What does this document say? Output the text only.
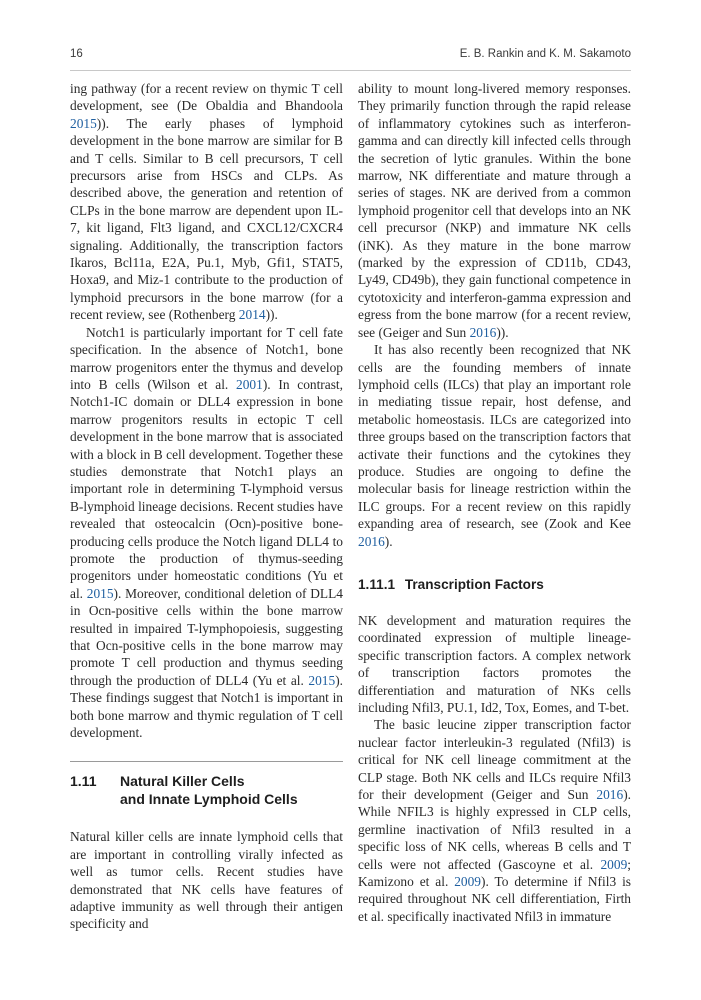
16	E. B. Rankin and K. M. Sakamoto

ing pathway (for a recent review on thymic T cell development, see (De Obaldia and Bhandoola 2015)). The early phases of lymphoid development in the bone marrow are similar for B and T cells. Similar to B cell precursors, T cell precursors arise from HSCs and CLPs. As described above, the generation and retention of CLPs in the bone marrow are dependent upon IL-7, kit ligand, Flt3 ligand, and CXCL12/CXCR4 signaling. Additionally, the transcription factors Ikaros, Bcl11a, E2A, Pu.1, Myb, Gfi1, STAT5, Hoxa9, and Miz-1 contribute to the production of lymphoid precursors in the bone marrow (for a recent review, see (Rothenberg 2014)).

Notch1 is particularly important for T cell fate specification. In the absence of Notch1, bone marrow progenitors enter the thymus and develop into B cells (Wilson et al. 2001). In contrast, Notch1-IC domain or DLL4 expression in bone marrow progenitors results in ectopic T cell development in the bone marrow that is associated with a block in B cell development. Together these studies demonstrate that Notch1 plays an important role in determining T-lymphoid versus B-lymphoid lineage decisions. Recent studies have revealed that osteocalcin (Ocn)-positive bone-producing cells produce the Notch ligand DLL4 to promote the production of thymus-seeding progenitors under homeostatic conditions (Yu et al. 2015). Moreover, conditional deletion of DLL4 in Ocn-positive cells within the bone marrow resulted in impaired T-lymphopoiesis, suggesting that Ocn-positive cells in the bone marrow may promote T cell production and thymus seeding through the production of DLL4 (Yu et al. 2015). These findings suggest that Notch1 is important in both bone marrow and thymic regulation of T cell development.

1.11	Natural Killer Cells
and Innate Lymphoid Cells

Natural killer cells are innate lymphoid cells that are important in controlling virally infected as well as tumor cells. Recent studies have demonstrated that NK cells have features of adaptive immunity as well through their antigen specificity and

ability to mount long-livered memory responses. They primarily function through the rapid release of inflammatory cytokines such as interferon-gamma and can directly kill infected cells through the secretion of lytic granules. Within the bone marrow, NK differentiate and mature through a series of stages. NK are derived from a common lymphoid progenitor cell that develops into an NK cell precursor (NKP) and immature NK cells (iNK). As they mature in the bone marrow (marked by the expression of CD11b, CD43, Ly49, CD49b), they gain functional competence in cytotoxicity and interferon-gamma expression and egress from the bone marrow (for a recent review, see (Geiger and Sun 2016)).

It has also recently been recognized that NK cells are the founding members of innate lymphoid cells (ILCs) that play an important role in mediating tissue repair, host defense, and metabolic homeostasis. ILCs are categorized into three groups based on the transcription factors that activate their functions and the cytokines they produce. Studies are ongoing to define the molecular basis for lineage restriction within the ILC groups. For a recent review on this rapidly expanding area of research, see (Zook and Kee 2016).

1.11.1 Transcription Factors

NK development and maturation requires the coordinated expression of multiple lineage-specific transcription factors. A complex network of transcription factors promotes the differentiation and maturation of NKs cells including Nfil3, PU.1, Id2, Tox, Eomes, and T-bet.

The basic leucine zipper transcription factor nuclear factor interleukin-3 regulated (Nfil3) is critical for NK cell lineage commitment at the CLP stage. Both NK cells and ILCs require Nfil3 for their development (Geiger and Sun 2016). While NFIL3 is highly expressed in CLP cells, germline inactivation of Nfil3 resulted in a specific loss of NK cells, whereas B cells and T cells were not affected (Gascoyne et al. 2009; Kamizono et al. 2009). To determine if Nfil3 is required throughout NK cell differentiation, Firth et al. specifically inactivated Nfil3 in immature
